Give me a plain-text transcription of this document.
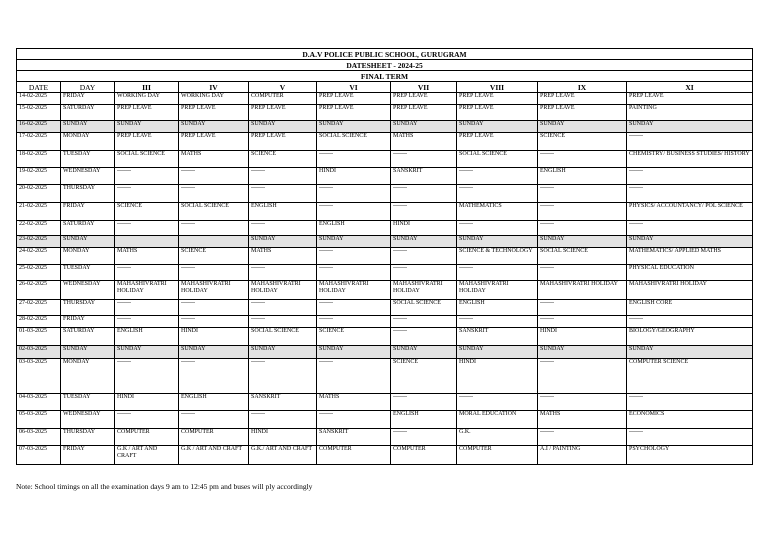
D.A.V POLICE PUBLIC SCHOOL, GURUGRAM									
DATESHEET - 2024-25									
FINAL TERM									
DATE	DAY	III	IV	V	VI	VII	VIII	IX	XI
14-02-2025	FRIDAY	WORKING DAY	WORKING DAY	COMPUTER	PREP LEAVE	PREP LEAVE	PREP LEAVE	PREP LEAVE	PREP LEAVE
15-02-2025	SATURDAY	PREP LEAVE	PREP LEAVE	PREP LEAVE	PREP LEAVE	PREP LEAVE	PREP LEAVE	PREP LEAVE	PAINTING
16-02-2025	SUNDAY	SUNDAY	SUNDAY	SUNDAY	SUNDAY	SUNDAY	SUNDAY	SUNDAY	SUNDAY
17-02-2025	MONDAY	PREP LEAVE	PREP LEAVE	PREP LEAVE	SOCIAL SCIENCE	MATHS	PREP LEAVE	SCIENCE	-------
18-02-2025	TUESDAY	SOCIAL SCIENCE	MATHS	SCIENCE	-------	-------	SOCIAL SCIENCE	-------	CHEMISTRY/ BUSINESS STUDIES/ HISTORY
19-02-2025	WEDNESDAY	-------	-------	-------	HINDI	SANSKRIT	-------	ENGLISH	-------
20-02-2025	THURSDAY	-------	-------	-------	-------	-------	-------	-------	-------
21-02-2025	FRIDAY	SCIENCE	SOCIAL SCIENCE	ENGLISH	-------	-------	MATHEMATICS	-------	PHYSICS/ ACCOUNTANCY/ POL SCIENCE
22-02-2025	SATURDAY	-------	-------	-------	ENGLISH	HINDI	-------	-------	-------
23-02-2025	SUNDAY			SUNDAY	SUNDAY	SUNDAY	SUNDAY	SUNDAY	SUNDAY
24-02-2025	MONDAY	MATHS	SCIENCE	MATHS	-------	-------	SCIENCE & TECHNOLOGY	SOCIAL SCIENCE	MATHEMATICS/ APPLIED MATHS
25-02-2025	TUESDAY	-------	-------	-------	-------	-------	-------	-------	PHYSICAL EDUCATION
26-02-2025	WEDNESDAY	MAHASHIVRATRI HOLIDAY	MAHASHIVRATRI HOLIDAY	MAHASHIVRATRI HOLIDAY	MAHASHIVRATRI HOLIDAY	MAHASHIVRATRI HOLIDAY	MAHASHIVRATRI HOLIDAY	MAHASHIVRATRI HOLIDAY	MAHASHIVRATRI HOLIDAY
27-02-2025	THURSDAY	-------	-------	-------	-------	SOCIAL SCIENCE	ENGLISH	-------	ENGLISH CORE
28-02-2025	FRIDAY	-------	-------	-------	-------	-------	-------	-------	-------
01-03-2025	SATURDAY	ENGLISH	HINDI	SOCIAL SCIENCE	SCIENCE	-------	SANSKRIT	HINDI	BIOLOGY/GEOGRAPHY
02-03-2025	SUNDAY	SUNDAY	SUNDAY	SUNDAY	SUNDAY	SUNDAY	SUNDAY	SUNDAY	SUNDAY
03-03-2025	MONDAY	-------	-------	-------	-------	SCIENCE	HINDI	-------	COMPUTER SCIENCE
04-03-2025	TUESDAY	HINDI	ENGLISH	SANSKRIT	MATHS	-------	-------	-------	-------
05-03-2025	WEDNESDAY	-------	-------	-------	-------	ENGLISH	MORAL EDUCATION	MATHS	ECONOMICS
06-03-2025	THURSDAY	COMPUTER	COMPUTER	HINDI	SANSKRIT	-------	G.K.	-------	-------
07-03-2025	FRIDAY	G.K / ART AND CRAFT	G.K / ART AND CRAFT	G.K./ ART AND CRAFT	COMPUTER	COMPUTER	COMPUTER	A.I / PAINTING	PSYCHOLOGY
Note: School timings on all the examination days 9 am to 12:45 pm and buses will ply accordingly
